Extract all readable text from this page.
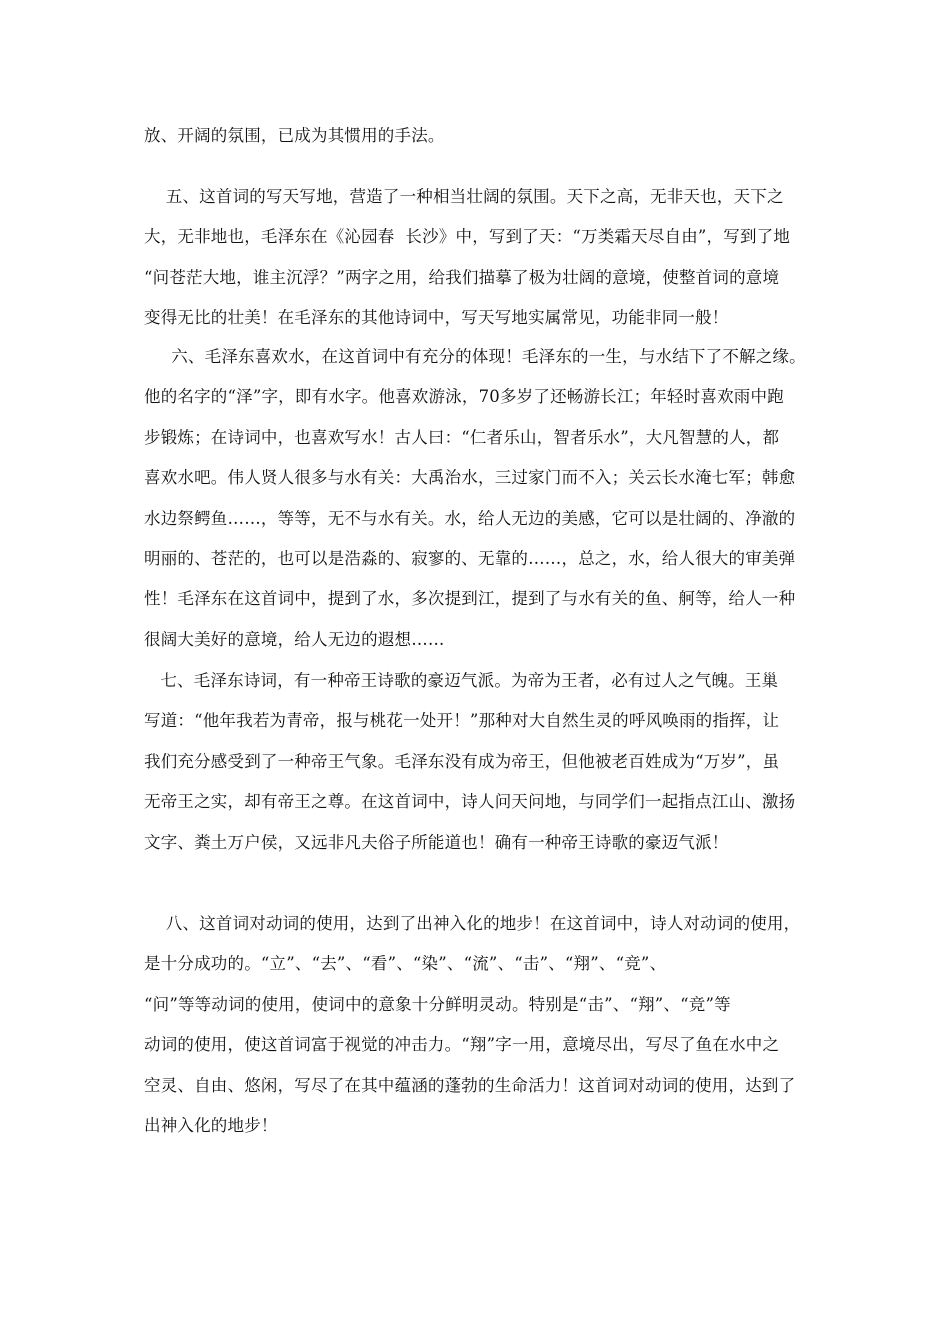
放、开阔的氛围，已成为其惯用的手法。

五、这首词的写天写地，营造了一种相当壮阔的氛围。天下之高，无非天也，天下之
大，无非地也，毛泽东在《沁园春  长沙》中，写到了天：“万类霜天尽自由”，写到了地
“问苍茫大地，谁主沉浮？”两字之用，给我们描摹了极为壮阔的意境，使整首词的意境
变得无比的壮美！在毛泽东的其他诗词中，写天写地实属常见，功能非同一般！

六、毛泽东喜欢水，在这首词中有充分的体现！毛泽东的一生，与水结下了不解之缘。
他的名字的“泽”字，即有水字。他喜欢游泳，70多岁了还畅游长江；年轻时喜欢雨中跑
步锻炼；在诗词中，也喜欢写水！古人曰：“仁者乐山，智者乐水”，大凡智慧的人，都
喜欢水吧。伟人贤人很多与水有关：大禹治水，三过家门而不入；关云长水淹七军；韩愈
水边祭鳄鱼……，等等，无不与水有关。水，给人无边的美感，它可以是壮阔的、净澈的
明丽的、苍茫的，也可以是浩淼的、寂寥的、无靠的……，总之，水，给人很大的审美弹
性！毛泽东在这首词中，提到了水，多次提到江，提到了与水有关的鱼、舸等，给人一种
很阔大美好的意境，给人无边的遐想……

七、毛泽东诗词，有一种帝王诗歌的豪迈气派。为帝为王者，必有过人之气魄。王巢
写道：“他年我若为青帝，报与桃花一处开！”那种对大自然生灵的呼风唤雨的指挥，让
我们充分感受到了一种帝王气象。毛泽东没有成为帝王，但他被老百姓成为“万岁”，虽
无帝王之实，却有帝王之尊。在这首词中，诗人问天问地，与同学们一起指点江山、激扬
文字、粪土万户侯，又远非凡夫俗子所能道也！确有一种帝王诗歌的豪迈气派！

八、这首词对动词的使用，达到了出神入化的地步！在这首词中，诗人对动词的使用，
是十分成功的。“立”、“去”、“看”、“染”、“流”、“击”、“翔”、“竞”、
“问”等等动词的使用，使词中的意象十分鲜明灵动。特别是“击”、“翔”、“竞”等
动词的使用，使这首词富于视觉的冲击力。“翔”字一用，意境尽出，写尽了鱼在水中之
空灵、自由、悠闲，写尽了在其中蕴涵的蓬勃的生命活力！这首词对动词的使用，达到了
出神入化的地步！
